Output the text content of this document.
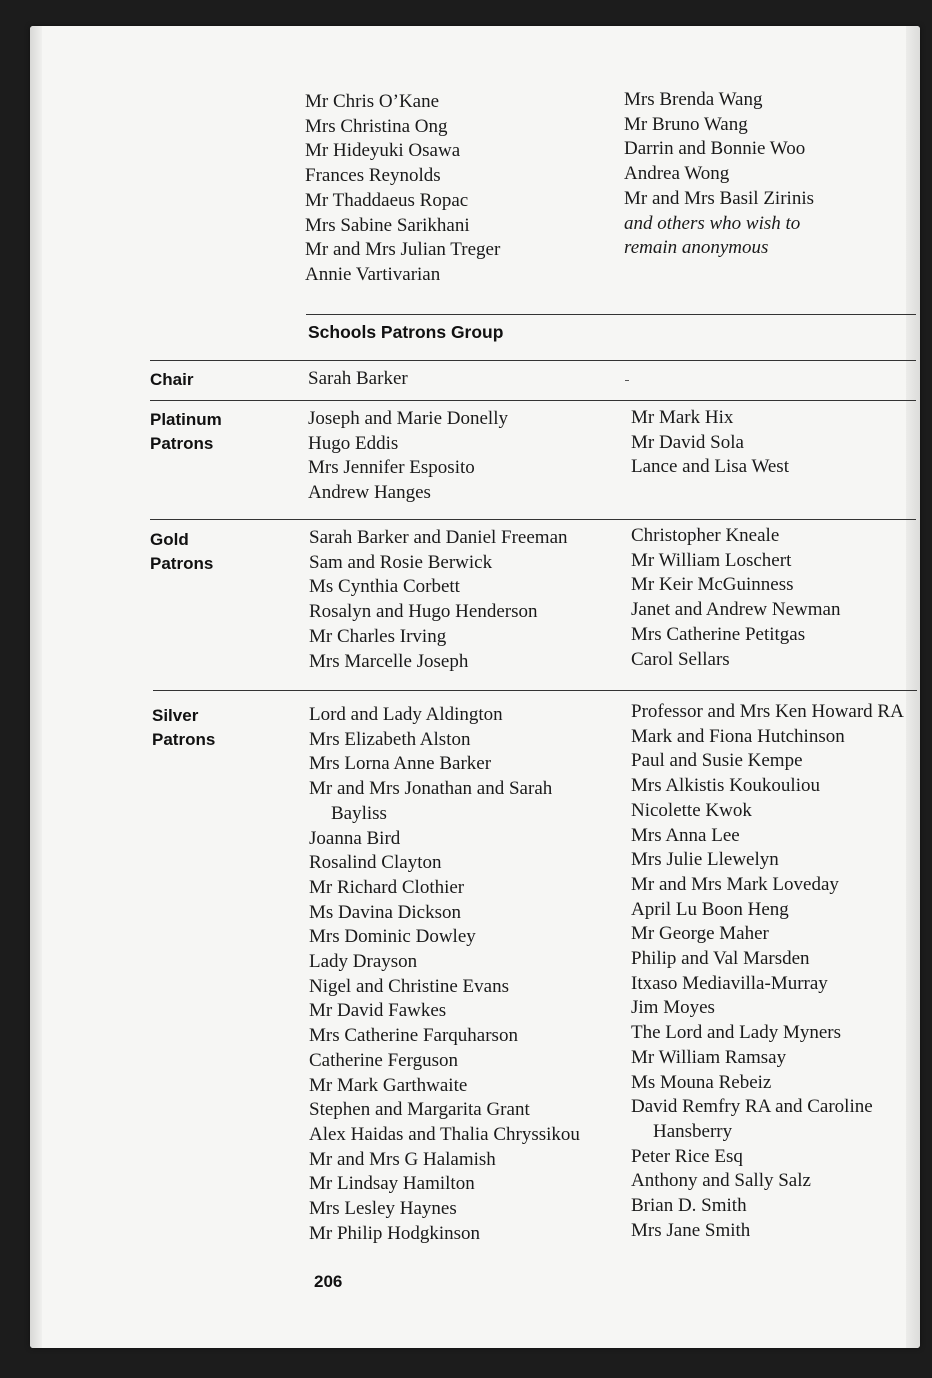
Mr Chris O’Kane
Mrs Christina Ong
Mr Hideyuki Osawa
Frances Reynolds
Mr Thaddaeus Ropac
Mrs Sabine Sarikhani
Mr and Mrs Julian Treger
Annie Vartivarian
Mrs Brenda Wang
Mr Bruno Wang
Darrin and Bonnie Woo
Andrea Wong
Mr and Mrs Basil Zirinis
and others who wish to
remain anonymous
Schools Patrons Group
Chair	Sarah Barker
Platinum
Patrons
Joseph and Marie Donelly
Hugo Eddis
Mrs Jennifer Esposito
Andrew Hanges
Mr Mark Hix
Mr David Sola
Lance and Lisa West
Gold
Patrons
Sarah Barker and Daniel Freeman
Sam and Rosie Berwick
Ms Cynthia Corbett
Rosalyn and Hugo Henderson
Mr Charles Irving
Mrs Marcelle Joseph
Christopher Kneale
Mr William Loschert
Mr Keir McGuinness
Janet and Andrew Newman
Mrs Catherine Petitgas
Carol Sellars
Silver
Patrons
Lord and Lady Aldington
Mrs Elizabeth Alston
Mrs Lorna Anne Barker
Mr and Mrs Jonathan and Sarah
Bayliss
Joanna Bird
Rosalind Clayton
Mr Richard Clothier
Ms Davina Dickson
Mrs Dominic Dowley
Lady Drayson
Nigel and Christine Evans
Mr David Fawkes
Mrs Catherine Farquharson
Catherine Ferguson
Mr Mark Garthwaite
Stephen and Margarita Grant
Alex Haidas and Thalia Chryssikou
Mr and Mrs G Halamish
Mr Lindsay Hamilton
Mrs Lesley Haynes
Mr Philip Hodgkinson
Professor and Mrs Ken Howard RA
Mark and Fiona Hutchinson
Paul and Susie Kempe
Mrs Alkistis Koukouliou
Nicolette Kwok
Mrs Anna Lee
Mrs Julie Llewelyn
Mr and Mrs Mark Loveday
April Lu Boon Heng
Mr George Maher
Philip and Val Marsden
Itxaso Mediavilla-Murray
Jim Moyes
The Lord and Lady Myners
Mr William Ramsay
Ms Mouna Rebeiz
David Remfry RA and Caroline
Hansberry
Peter Rice Esq
Anthony and Sally Salz
Brian D. Smith
Mrs Jane Smith
206
